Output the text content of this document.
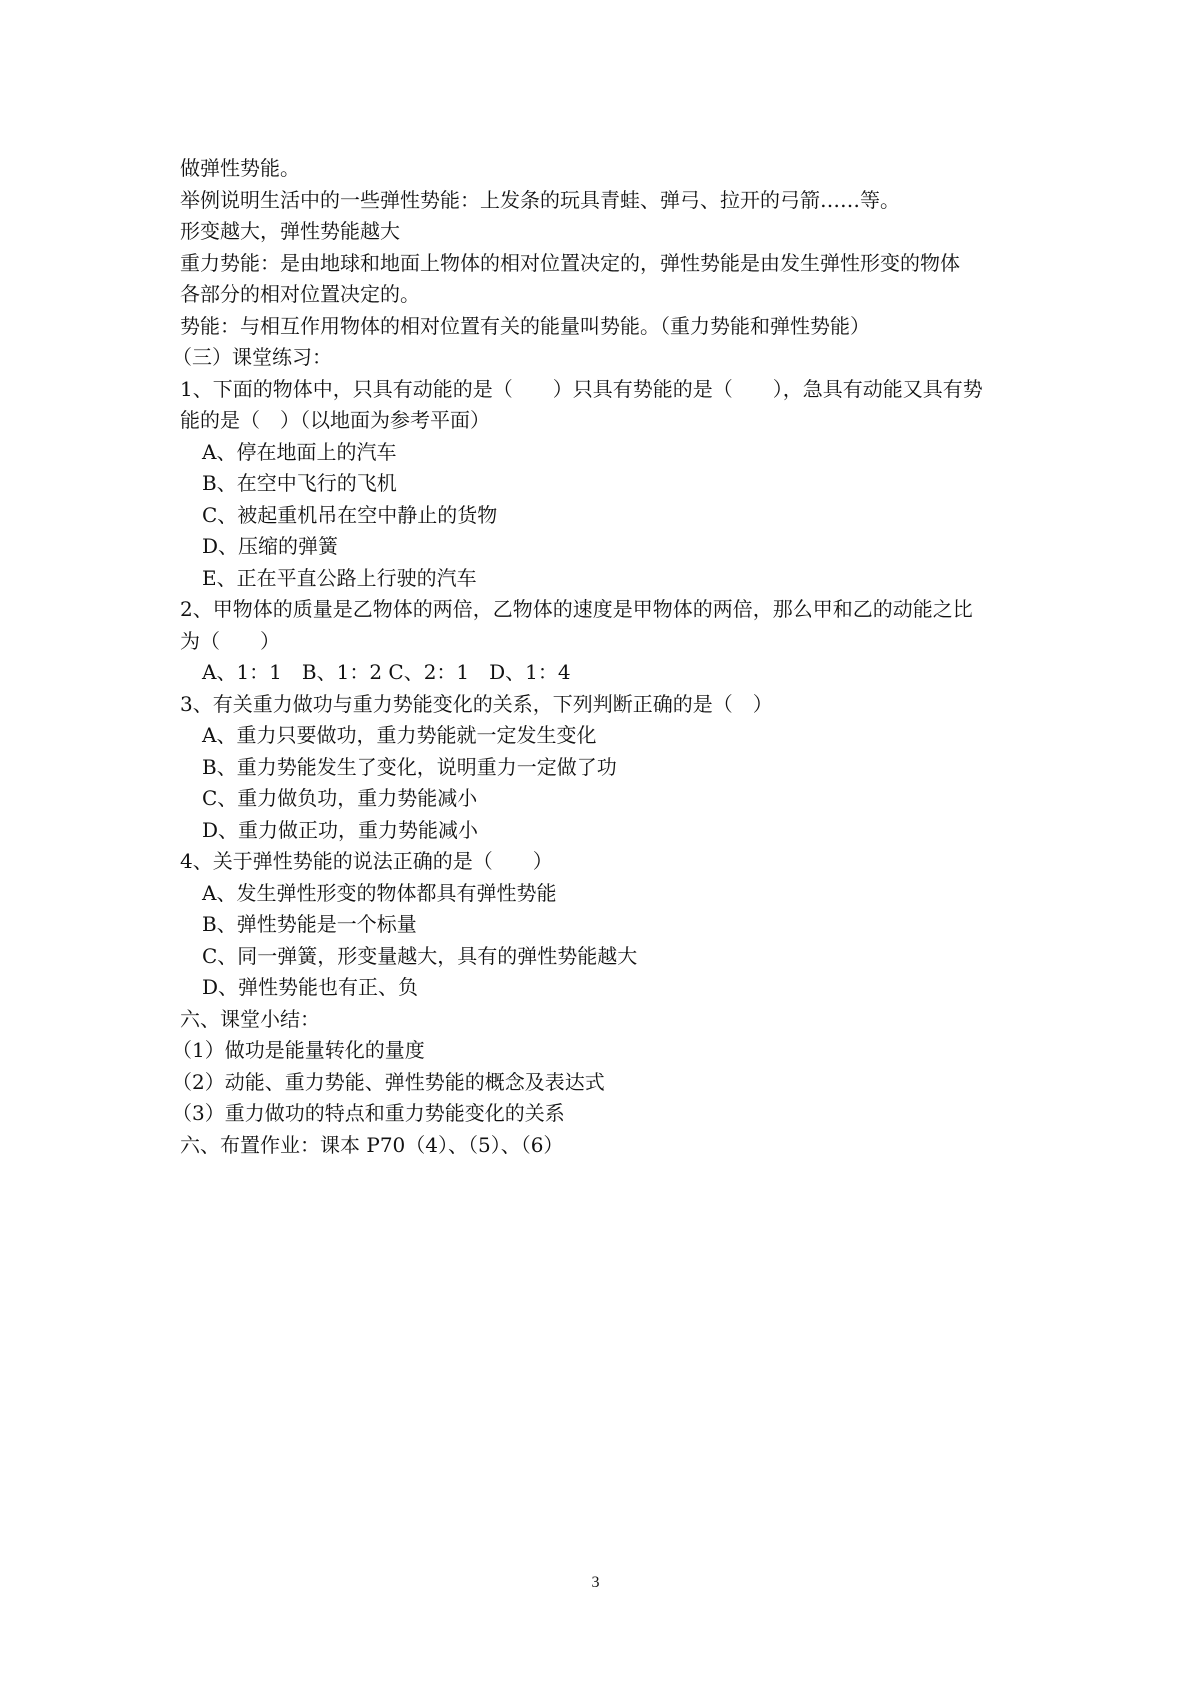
做弹性势能。
举例说明生活中的一些弹性势能：上发条的玩具青蛙、弹弓、拉开的弓箭……等。
形变越大，弹性势能越大
重力势能：是由地球和地面上物体的相对位置决定的，弹性势能是由发生弹性形变的物体
各部分的相对位置决定的。
势能：与相互作用物体的相对位置有关的能量叫势能。（重力势能和弹性势能）
（三）课堂练习：
1、下面的物体中，只具有动能的是（　　）只具有势能的是（　　），急具有动能又具有势
能的是（　）（以地面为参考平面）
A、停在地面上的汽车
B、在空中飞行的飞机
C、被起重机吊在空中静止的货物
D、压缩的弹簧
E、正在平直公路上行驶的汽车
2、甲物体的质量是乙物体的两倍，乙物体的速度是甲物体的两倍，那么甲和乙的动能之比
为（　　）
A、1：1　B、1：2 C、2：1　D、1：4
3、有关重力做功与重力势能变化的关系，下列判断正确的是（　）
A、重力只要做功，重力势能就一定发生变化
B、重力势能发生了变化，说明重力一定做了功
C、重力做负功，重力势能减小
D、重力做正功，重力势能减小
4、关于弹性势能的说法正确的是（　　）
A、发生弹性形变的物体都具有弹性势能
B、弹性势能是一个标量
C、同一弹簧，形变量越大，具有的弹性势能越大
D、弹性势能也有正、负
六、课堂小结：
（1）做功是能量转化的量度
（2）动能、重力势能、弹性势能的概念及表达式
（3）重力做功的特点和重力势能变化的关系
六、布置作业：课本 P70（4）、（5）、（6）
3
